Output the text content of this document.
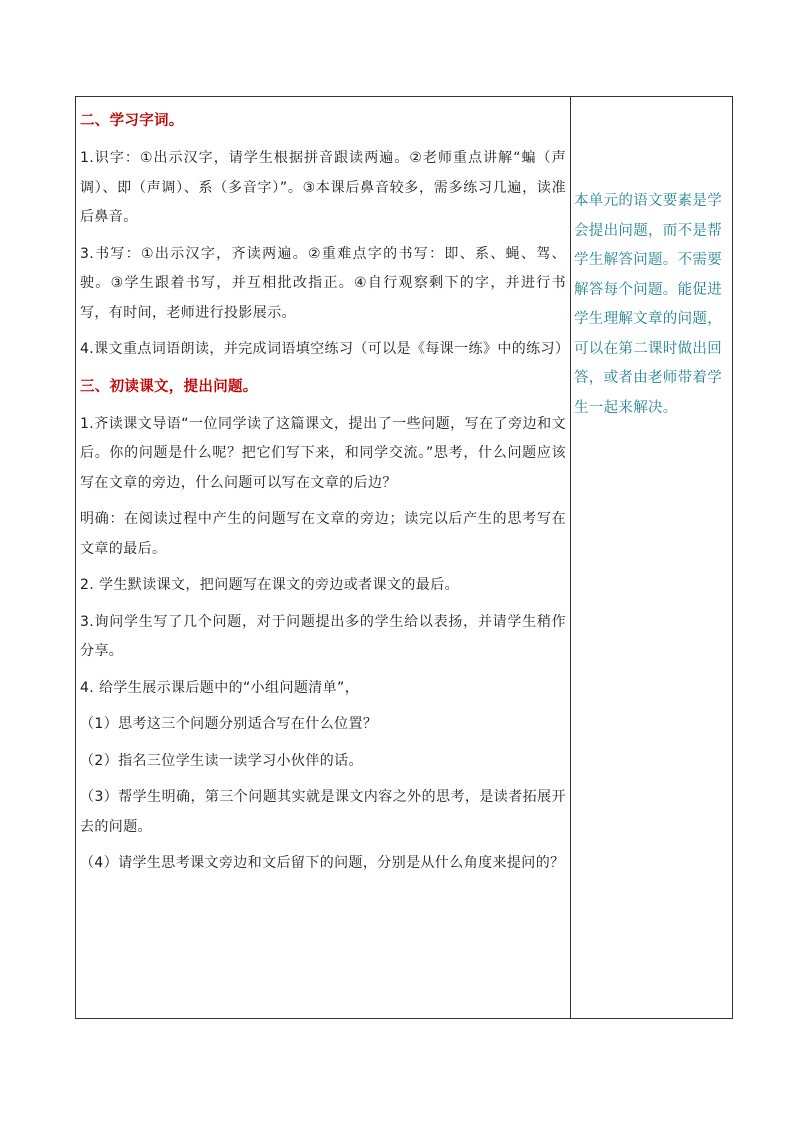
二、学习字词。

1.识字：①出示汉字，请学生根据拼音跟读两遍。②老师重点讲解“蝙（声调）、即（声调）、系（多音字）”。③本课后鼻音较多，需多练习几遍，读准后鼻音。

3.书写：①出示汉字，齐读两遍。②重难点字的书写：即、系、蝇、驾、驶。③学生跟着书写，并互相批改指正。④自行观察剩下的字，并进行书写，有时间，老师进行投影展示。

4.课文重点词语朗读，并完成词语填空练习（可以是《每课一练》中的练习）

三、初读课文，提出问题。

1.齐读课文导语“一位同学读了这篇课文，提出了一些问题，写在了旁边和文后。你的问题是什么呢？把它们写下来，和同学交流。”思考，什么问题应该写在文章的旁边，什么问题可以写在文章的后边？

明确：在阅读过程中产生的问题写在文章的旁边；读完以后产生的思考写在文章的最后。

2. 学生默读课文，把问题写在课文的旁边或者课文的最后。

3.询问学生写了几个问题，对于问题提出多的学生给以表扬，并请学生稍作分享。

4. 给学生展示课后题中的“小组问题清单”，

（1）思考这三个问题分别适合写在什么位置？

（2）指名三位学生读一读学习小伙伴的话。

（3）帮学生明确，第三个问题其实就是课文内容之外的思考，是读者拓展开去的问题。

（4）请学生思考课文旁边和文后留下的问题，分别是从什么角度来提问的？

本单元的语文要素是学会提出问题，而不是帮学生解答问题。不需要解答每个问题。能促进学生理解文章的问题，可以在第二课时做出回答，或者由老师带着学生一起来解决。
